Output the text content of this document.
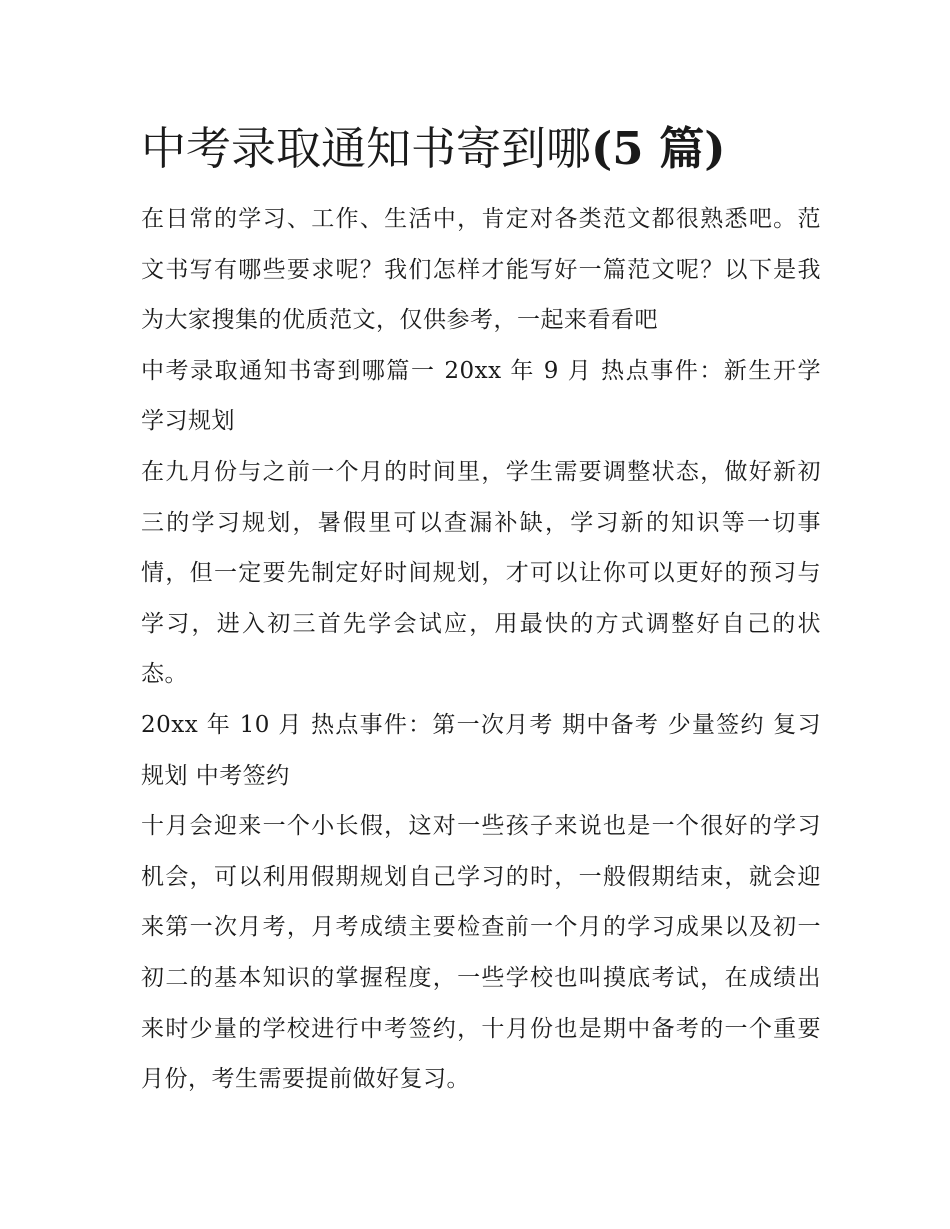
中考录取通知书寄到哪(5 篇)

在日常的学习、工作、生活中，肯定对各类范文都很熟悉吧。范文书写有哪些要求呢？我们怎样才能写好一篇范文呢？以下是我为大家搜集的优质范文，仅供参考，一起来看看吧

中考录取通知书寄到哪篇一 20xx 年 9 月 热点事件：新生开学 学习规划

在九月份与之前一个月的时间里，学生需要调整状态，做好新初三的学习规划，暑假里可以查漏补缺，学习新的知识等一切事情，但一定要先制定好时间规划，才可以让你可以更好的预习与学习，进入初三首先学会试应，用最快的方式调整好自己的状态。

20xx 年 10 月 热点事件：第一次月考 期中备考 少量签约 复习规划 中考签约

十月会迎来一个小长假，这对一些孩子来说也是一个很好的学习机会，可以利用假期规划自己学习的时，一般假期结束，就会迎来第一次月考，月考成绩主要检查前一个月的学习成果以及初一初二的基本知识的掌握程度，一些学校也叫摸底考试，在成绩出来时少量的学校进行中考签约，十月份也是期中备考的一个重要月份，考生需要提前做好复习。
